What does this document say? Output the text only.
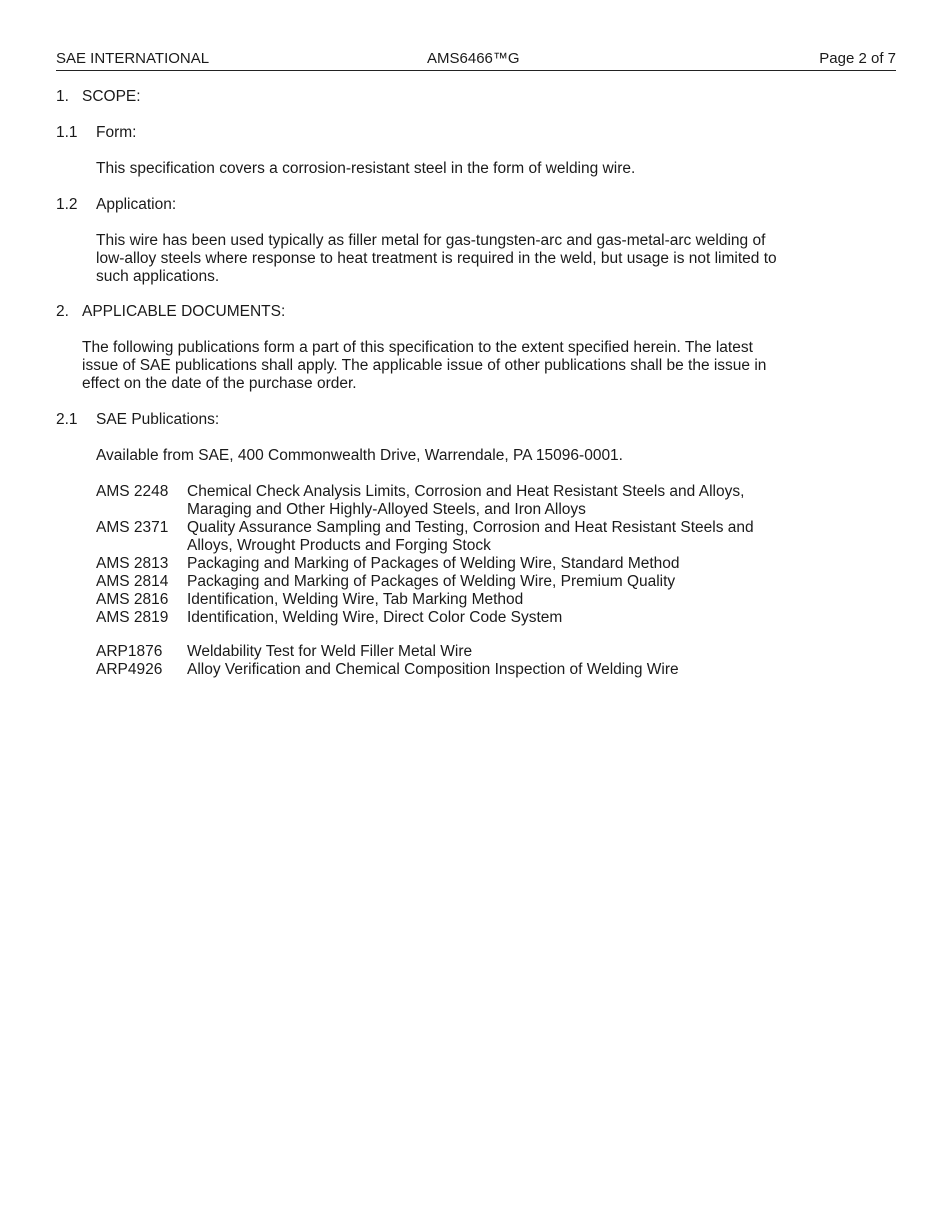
SAE INTERNATIONAL	AMS6466™G	Page 2 of 7
1. SCOPE:
1.1 Form:
This specification covers a corrosion-resistant steel in the form of welding wire.
1.2 Application:
This wire has been used typically as filler metal for gas-tungsten-arc and gas-metal-arc welding of
low-alloy steels where response to heat treatment is required in the weld, but usage is not limited to
such applications.
2. APPLICABLE DOCUMENTS:
The following publications form a part of this specification to the extent specified herein. The latest
issue of SAE publications shall apply. The applicable issue of other publications shall be the issue in
effect on the date of the purchase order.
2.1 SAE Publications:
Available from SAE, 400 Commonwealth Drive, Warrendale, PA 15096-0001.
AMS 2248	Chemical Check Analysis Limits, Corrosion and Heat Resistant Steels and Alloys,
Maraging and Other Highly-Alloyed Steels, and Iron Alloys
AMS 2371	Quality Assurance Sampling and Testing, Corrosion and Heat Resistant Steels and
Alloys, Wrought Products and Forging Stock
AMS 2813	Packaging and Marking of Packages of Welding Wire, Standard Method
AMS 2814	Packaging and Marking of Packages of Welding Wire, Premium Quality
AMS 2816	Identification, Welding Wire, Tab Marking Method
AMS 2819	Identification, Welding Wire, Direct Color Code System
ARP1876	Weldability Test for Weld Filler Metal Wire
ARP4926	Alloy Verification and Chemical Composition Inspection of Welding Wire
